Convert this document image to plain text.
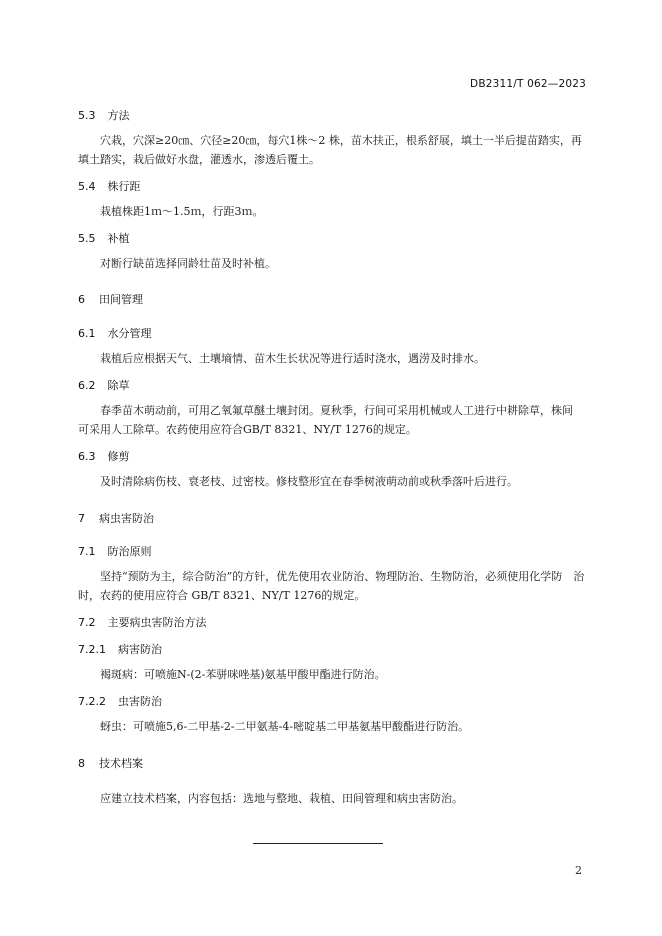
DB2311/T 062—2023
5.3 方法

穴栽，穴深≥20㎝、穴径≥20㎝，每穴1株～2 株，苗木扶正，根系舒展，填土一半后提苗踏实，再填土踏实，栽后做好水盘，灌透水，渗透后覆土。

5.4 株行距

栽植株距1ｍ～1.5ｍ，行距3ｍ。

5.5 补植

对断行缺苗选择同龄壮苗及时补植。

6 田间管理
6.1 水分管理

栽植后应根据天气、土壤墒情、苗木生长状况等进行适时浇水，遇涝及时排水。

6.2 除草

春季苗木萌动前，可用乙氧氟草醚土壤封闭。夏秋季，行间可采用机械或人工进行中耕除草，株间　可采用人工除草。农药使用应符合GB/T 8321、NY/T 1276的规定。

6.3 修剪

及时清除病伤枝、衰老枝、过密枝。修枝整形宜在春季树液萌动前或秋季落叶后进行。

7 病虫害防治
7.1 防治原则

坚持“预防为主，综合防治”的方针，优先使用农业防治、物理防治、生物防治，必须使用化学防　治时，农药的使用应符合 GB/T 8321、NY/T 1276的规定。

7.2 主要病虫害防治方法
7.2.1 病害防治

褐斑病：可喷施N-(2-苯骈咪唑基)氨基甲酸甲酯进行防治。

7.2.2 虫害防治

蚜虫：可喷施5,6-二甲基-2-二甲氨基-4-嘧啶基二甲基氨基甲酸酯进行防治。

8 技术档案

应建立技术档案，内容包括：选地与整地、栽植、田间管理和病虫害防治。

2
